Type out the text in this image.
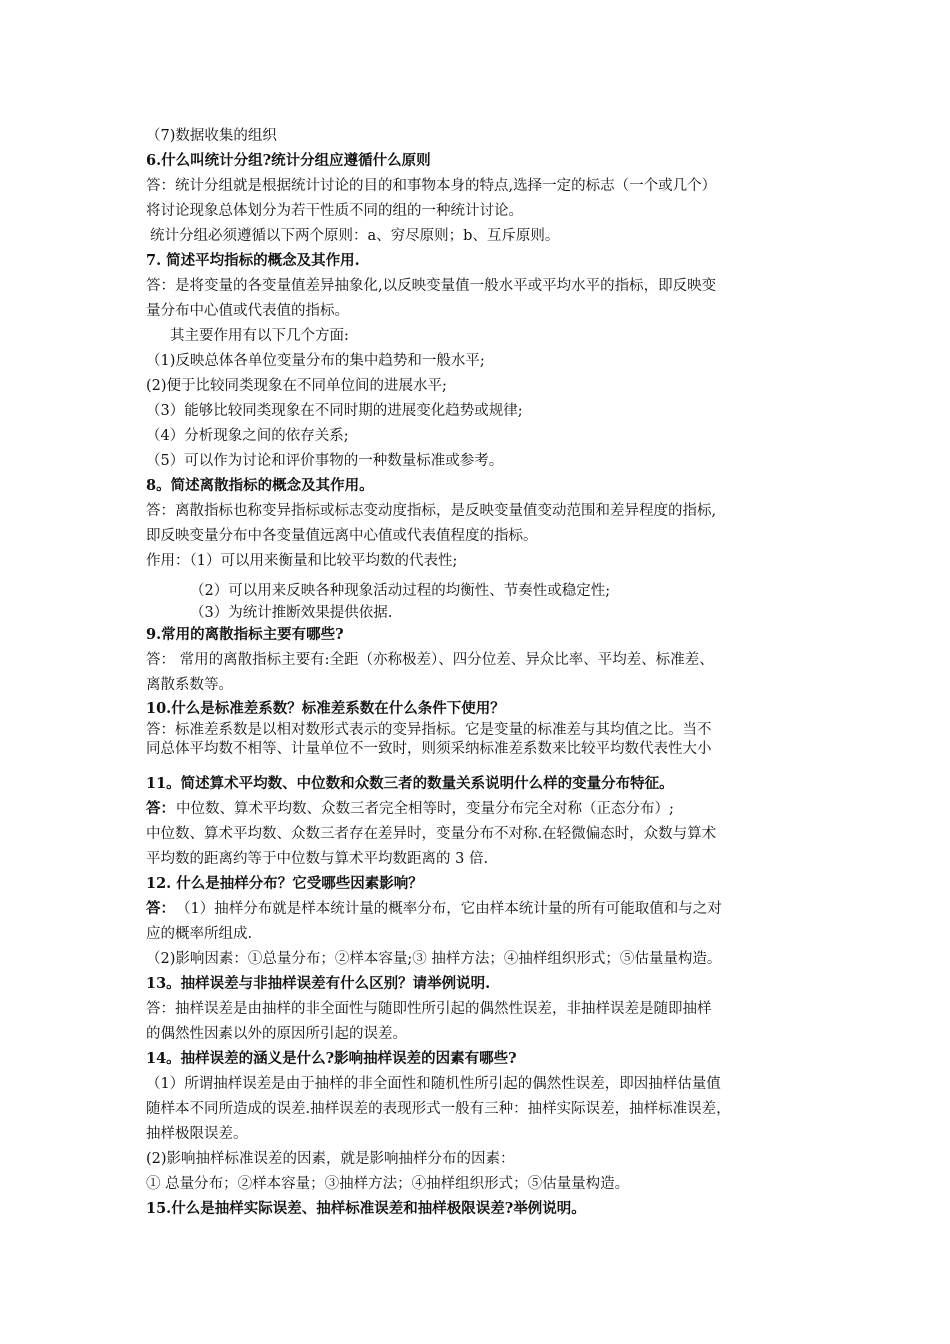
（7)数据收集的组织
6.什么叫统计分组?统计分组应遵循什么原则
答：统计分组就是根据统计讨论的目的和事物本身的特点,选择一定的标志（一个或几个）
将讨论现象总体划分为若干性质不同的组的一种统计讨论。
统计分组必须遵循以下两个原则：a、穷尽原则；b、互斥原则。
7. 简述平均指标的概念及其作用.
答：是将变量的各变量值差异抽象化,以反映变量值一般水平或平均水平的指标，即反映变
量分布中心值或代表值的指标。
其主要作用有以下几个方面:
（1)反映总体各单位变量分布的集中趋势和一般水平;
(2)便于比较同类现象在不同单位间的进展水平;
（3）能够比较同类现象在不同时期的进展变化趋势或规律;
（4）分析现象之间的依存关系;
（5）可以作为讨论和评价事物的一种数量标准或参考。
8。简述离散指标的概念及其作用。
答：离散指标也称变异指标或标志变动度指标，是反映变量值变动范围和差异程度的指标,
即反映变量分布中各变量值远离中心值或代表值程度的指标。
作用：（1）可以用来衡量和比较平均数的代表性;
（2）可以用来反映各种现象活动过程的均衡性、节奏性或稳定性;
（3）为统计推断效果提供依据.
9.常用的离散指标主要有哪些?
答： 常用的离散指标主要有:全距（亦称极差）、四分位差、异众比率、平均差、标准差、
离散系数等。
10.什么是标准差系数？标准差系数在什么条件下使用？
答：标准差系数是以相对数形式表示的变异指标。它是变量的标准差与其均值之比。当不
同总体平均数不相等、计量单位不一致时，则须采纳标准差系数来比较平均数代表性大小
11。简述算术平均数、中位数和众数三者的数量关系说明什么样的变量分布特征。
答： 中位数、算术平均数、众数三者完全相等时，变量分布完全对称（正态分布）;
中位数、算术平均数、众数三者存在差异时，变量分布不对称.在轻微偏态时，众数与算术
平均数的距离约等于中位数与算术平均数距离的 3 倍.
12. 什么是抽样分布？它受哪些因素影响？
答： （1）抽样分布就是样本统计量的概率分布，它由样本统计量的所有可能取值和与之对
应的概率所组成.
（2)影响因素：①总量分布；②样本容量;③ 抽样方法；④抽样组织形式；⑤估量量构造。
13。抽样误差与非抽样误差有什么区别？请举例说明.
答：抽样误差是由抽样的非全面性与随即性所引起的偶然性误差，非抽样误差是随即抽样
的偶然性因素以外的原因所引起的误差。
14。抽样误差的涵义是什么?影响抽样误差的因素有哪些?
（1）所谓抽样误差是由于抽样的非全面性和随机性所引起的偶然性误差，即因抽样估量值
随样本不同所造成的误差.抽样误差的表现形式一般有三种：抽样实际误差，抽样标准误差，
抽样极限误差。
(2)影响抽样标准误差的因素，就是影响抽样分布的因素：
① 总量分布；②样本容量；③抽样方法；④抽样组织形式；⑤估量量构造。
15.什么是抽样实际误差、抽样标准误差和抽样极限误差?举例说明。
